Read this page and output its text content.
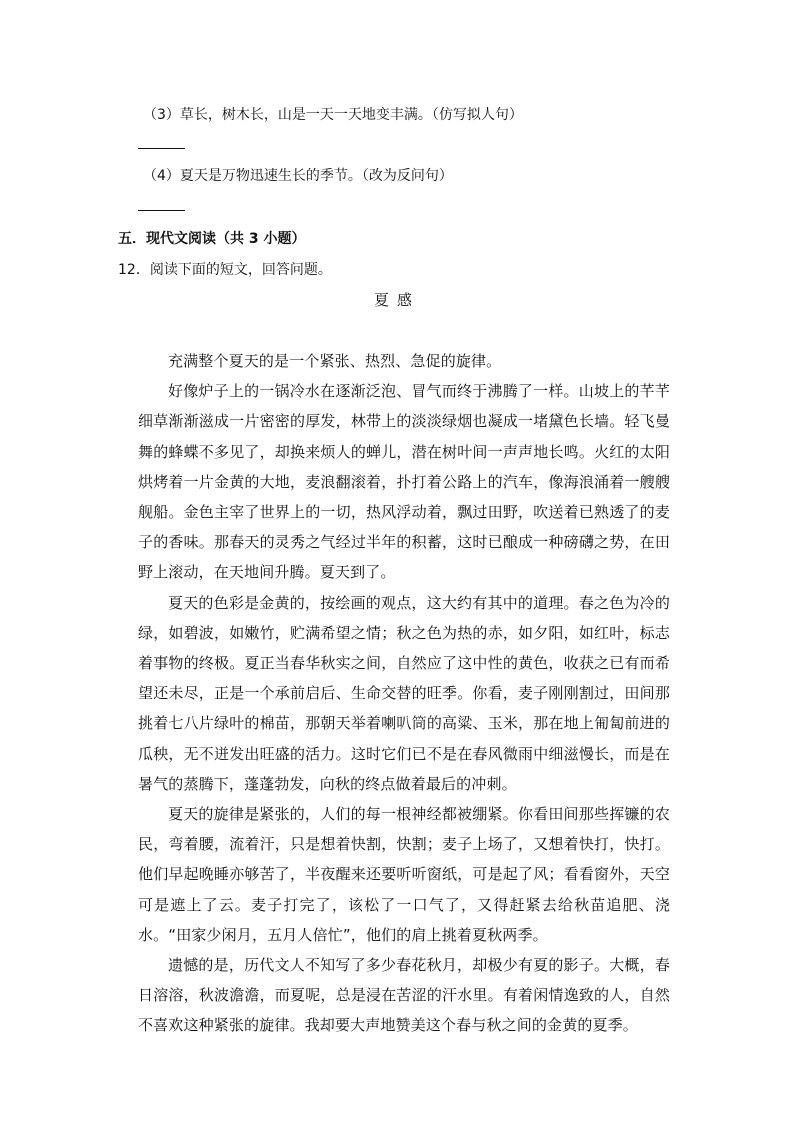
（3）草长，树木长，山是一天一天地变丰满。（仿写拟人句）
（4）夏天是万物迅速生长的季节。（改为反问句）
五．现代文阅读（共 3 小题）
12．阅读下面的短文，回答问题。
夏感

充满整个夏天的是一个紧张、热烈、急促的旋律。

好像炉子上的一锅冷水在逐渐泛泡、冒气而终于沸腾了一样。山坡上的芊芊细草渐渐滋成一片密密的厚发，林带上的淡淡绿烟也凝成一堵黛色长墙。轻飞曼舞的蜂蝶不多见了，却换来烦人的蝉儿，潜在树叶间一声声地长鸣。火红的太阳烘烤着一片金黄的大地，麦浪翻滚着，扑打着公路上的汽车，像海浪涌着一艘艘舰船。金色主宰了世界上的一切，热风浮动着，飘过田野，吹送着已熟透了的麦子的香味。那春天的灵秀之气经过半年的积蓄，这时已酿成一种磅礴之势，在田野上滚动，在天地间升腾。夏天到了。

夏天的色彩是金黄的，按绘画的观点，这大约有其中的道理。春之色为冷的绿，如碧波，如嫩竹，贮满希望之情；秋之色为热的赤，如夕阳，如红叶，标志着事物的终极。夏正当春华秋实之间，自然应了这中性的黄色，收获之已有而希望还未尽，正是一个承前启后、生命交替的旺季。你看，麦子刚刚割过，田间那挑着七八片绿叶的棉苗，那朝天举着喇叭筒的高粱、玉米，那在地上匍匐前进的瓜秧，无不迸发出旺盛的活力。这时它们已不是在春风微雨中细滋慢长，而是在暑气的蒸腾下，蓬蓬勃发，向秋的终点做着最后的冲刺。

夏天的旋律是紧张的，人们的每一根神经都被绷紧。你看田间那些挥镰的农民，弯着腰，流着汗，只是想着快割，快割；麦子上场了，又想着快打，快打。他们早起晚睡亦够苦了，半夜醒来还要听听窗纸，可是起了风；看看窗外，天空可是遮上了云。麦子打完了，该松了一口气了，又得赶紧去给秋苗追肥、浇水。“田家少闲月，五月人倍忙”，他们的肩上挑着夏秋两季。

遗憾的是，历代文人不知写了多少春花秋月，却极少有夏的影子。大概，春日溶溶，秋波澹澹，而夏呢，总是浸在苦涩的汗水里。有着闲情逸致的人，自然不喜欢这种紧张的旋律。我却要大声地赞美这个春与秋之间的金黄的夏季。
